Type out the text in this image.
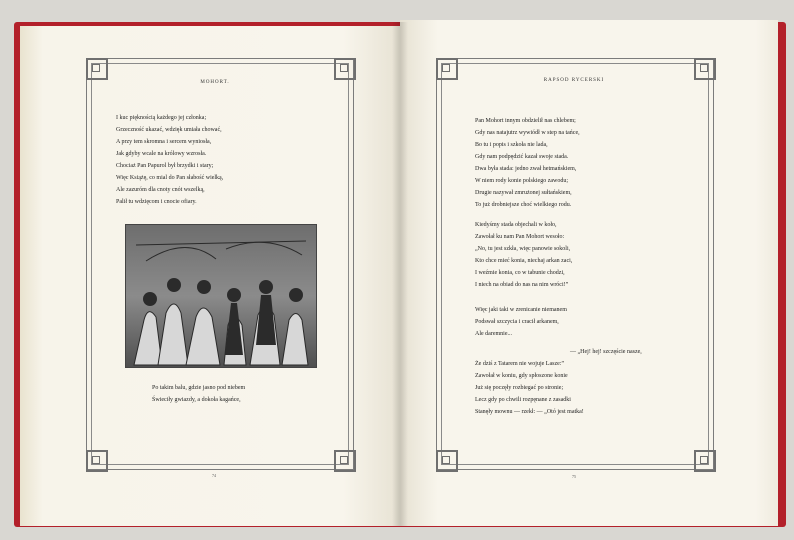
MOHORT.
I kuc pięknością każdego jej członka;
Grzeczność ukazać, wdzięk umiała chować,
A przy tem skromna i sercem wyniosła,
Jak gdyby wcale na królowy wzrosła.
Chociaż Pan Papurol był brzydki i stary;
Więc Książę, co mial do Pan słabość wielką,
Ale zazuróm dla cnoty cnót wszelką,
Palił tu wdzięcom i cnocie ofiary.
Po takim balu, gdzie jasno pod niebem
Świeciły gwiazdy, a dokoła kagańce,
74
RAPSOD RYCERSKI
Pan Mohort innym obdzielił nas chlebem;
Gdy nas natajutrz wywiódł w step na tańce,
Bo tu i popis i szkoła nie lada,
Gdy nam podpędzić kazał swoje stada.
Dwa była stada: jedno zwał hetmańskiem,
W niem rody konie polskiego zawodu;
Drugie nazywał zmrużonej sułtańskiem,
To już drobniejsze choć wielkiego rodu.
Kiedyśmy stada objechali w koło,
Zawołał ku nam Pan Mohort wesoło:
„No, tu jest szkła, więc panowie sokoli,
Kto chce mieć konia, niechaj arkan zaci,
I weźmie konia, co w tabunie chodzi,
I niech na obiad do nas na nim wróci!”
Więc jaki taki w zrenicanie niemanem
Podswał szczycia i cracił arkanem,
Ale daremnie...
— „Hej! hej! szczęście nasze,
Że dziś z Tatarem nie wojuje Lasze:”
Zawołał w koniu, gdy spłoszone konie
Już się poczęły rozbiegać po stronie;
Lecz gdy po chwili rozpęnane z zasadki
Stanęły mownu — rzekł: — „Otó jest matka!
75
